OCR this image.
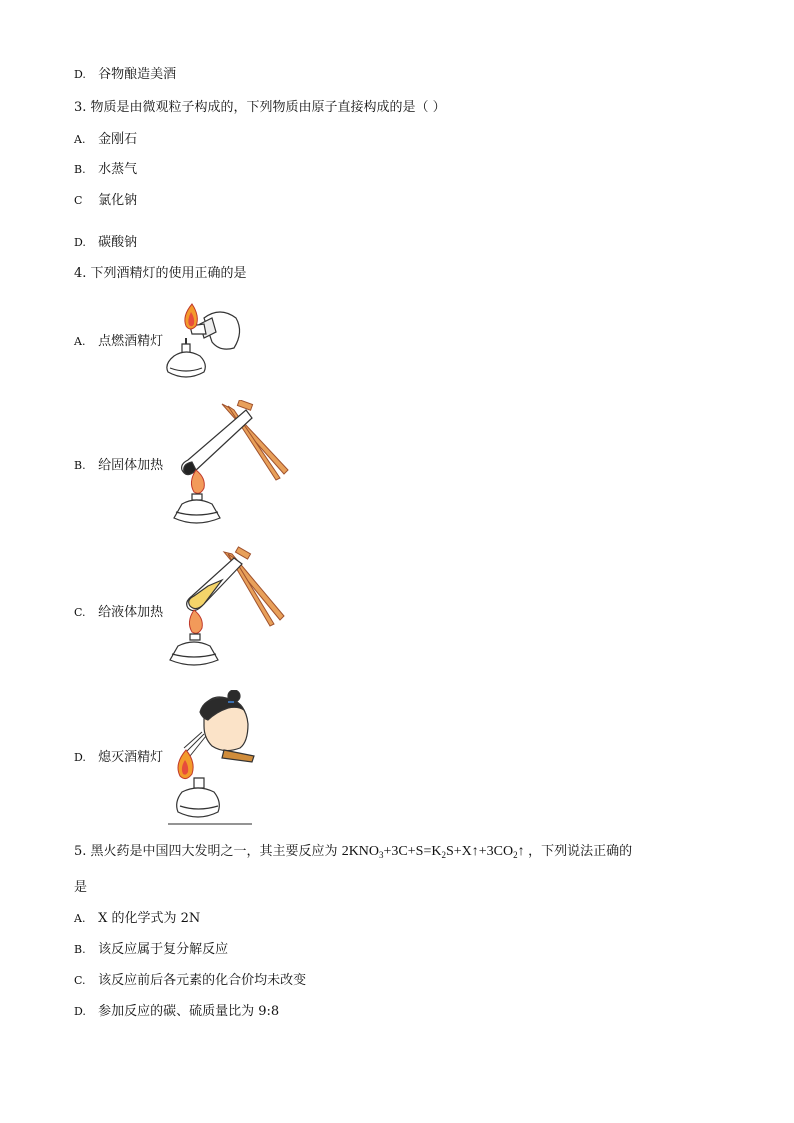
D. 谷物酿造美酒
3. 物质是由微观粒子构成的，下列物质由原子直接构成的是（ ）
A. 金刚石
B. 水蒸气
C 氯化钠
D. 碳酸钠
4. 下列酒精灯的使用正确的是
A. 点燃酒精灯
B. 给固体加热
C. 给液体加热
D. 熄灭酒精灯
5. 黑火药是中国四大发明之一，其主要反应为 $2KNO_3+3C+S=K_2S+X↑+3CO_2↑$ ，下列说法正确的
是
A. X 的化学式为 2N
B. 该反应属于复分解反应
C. 该反应前后各元素的化合价均未改变
D. 参加反应的碳、硫质量比为 9:8
